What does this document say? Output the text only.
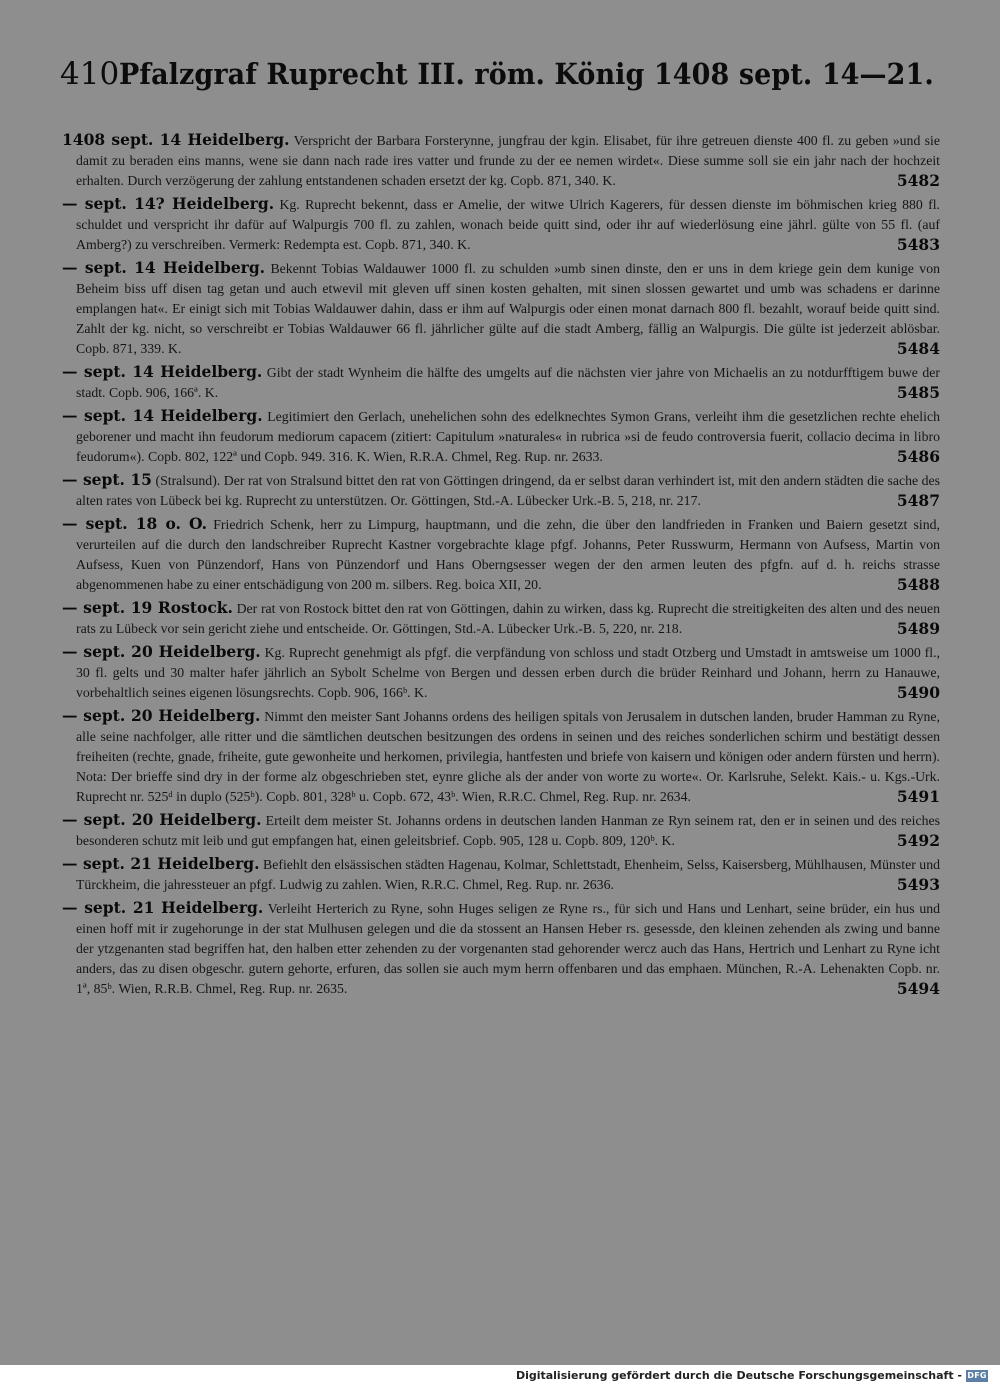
410 Pfalzgraf Ruprecht III. röm. König 1408 sept. 14—21.
1408 sept. 14 Heidelberg. Verspricht der Barbara Forsterynne, jungfrau der kgin. Elisabet, für ihre getreuen dienste 400 fl. zu geben »und sie damit zu beraden eins manns, wene sie dann nach rade ires vatter und frunde zu der ee nemen wirdet«. Diese summe soll sie ein jahr nach der hochzeit erhalten. Durch verzögerung der zahlung entstandenen schaden ersetzt der kg. Copb. 871, 340. K.	5482
— sept. 14? Heidelberg. Kg. Ruprecht bekennt, dass er Amelie, der witwe Ulrich Kagerers, für dessen dienste im böhmischen krieg 880 fl. schuldet und verspricht ihr dafür auf Walpurgis 700 fl. zu zahlen, wonach beide quitt sind, oder ihr auf wiederlösung eine jährl. gülte von 55 fl. (auf Amberg?) zu verschreiben. Vermerk: Redempta est. Copb. 871, 340. K.	5483
— sept. 14 Heidelberg. Bekennt Tobias Waldauwer 1000 fl. zu schulden »umb sinen dinste, den er uns in dem kriege gein dem kunige von Beheim biss uff disen tag getan und auch etwevil mit gleven uff sinen kosten gehalten, mit sinen slossen gewartet und umb was schadens er darinne emplangen hat«. Er einigt sich mit Tobias Waldauwer dahin, dass er ihm auf Walpurgis oder einen monat darnach 800 fl. bezahlt, worauf beide quitt sind. Zahlt der kg. nicht, so verschreibt er Tobias Waldauwer 66 fl. jährlicher gülte auf die stadt Amberg, fällig an Walpurgis. Die gülte ist jederzeit ablösbar. Copb. 871, 339. K.	5484
— sept. 14 Heidelberg. Gibt der stadt Wynheim die hälfte des umgelts auf die nächsten vier jahre von Michaelis an zu notdurfftigem buwe der stadt. Copb. 906, 166ª. K.	5485
— sept. 14 Heidelberg. Legitimiert den Gerlach, unehelichen sohn des edelknechtes Symon Grans, verleiht ihm die gesetzlichen rechte ehelich geborener und macht ihn feudorum mediorum capacem (zitiert: Capitulum »naturales« in rubrica »si de feudo controversia fuerit, collacio decima in libro feudorum«). Copb. 802, 122ª und Copb. 949. 316. K. Wien, R.R.A. Chmel, Reg. Rup. nr. 2633.	5486
— sept. 15 (Stralsund). Der rat von Stralsund bittet den rat von Göttingen dringend, da er selbst daran verhindert ist, mit den andern städten die sache des alten rates von Lübeck bei kg. Ruprecht zu unterstützen. Or. Göttingen, Std.-A. Lübecker Urk.-B. 5, 218, nr. 217.	5487
— sept. 18 o. O. Friedrich Schenk, herr zu Limpurg, hauptmann, und die zehn, die über den landfrieden in Franken und Baiern gesetzt sind, verurteilen auf die durch den landschreiber Ruprecht Kastner vorgebrachte klage pfgf. Johanns, Peter Russwurm, Hermann von Aufsess, Martin von Aufsess, Kuen von Pünzendorf, Hans von Pünzendorf und Hans Oberngsesser wegen der den armen leuten des pfgfn. auf d. h. reichs strasse abgenommenen habe zu einer entschädigung von 200 m. silbers. Reg. boica XII, 20.	5488
— sept. 19 Rostock. Der rat von Rostock bittet den rat von Göttingen, dahin zu wirken, dass kg. Ruprecht die streitigkeiten des alten und des neuen rats zu Lübeck vor sein gericht ziehe und entscheide. Or. Göttingen, Std.-A. Lübecker Urk.-B. 5, 220, nr. 218.	5489
— sept. 20 Heidelberg. Kg. Ruprecht genehmigt als pfgf. die verpfändung von schloss und stadt Otzberg und Umstadt in amtsweise um 1000 fl., 30 fl. gelts und 30 malter hafer jährlich an Sybolt Schelme von Bergen und dessen erben durch die brüder Reinhard und Johann, herrn zu Hanauwe, vorbehaltlich seines eigenen lösungsrechts. Copb. 906, 166ᵇ. K.	5490
— sept. 20 Heidelberg. Nimmt den meister Sant Johanns ordens des heiligen spitals von Jerusalem in dutschen landen, bruder Hamman zu Ryne, alle seine nachfolger, alle ritter und die sämtlichen deutschen besitzungen des ordens in seinen und des reiches sonderlichen schirm und bestätigt dessen freiheiten (rechte, gnade, friheite, gute gewonheite und herkomen, privilegia, hantfesten und briefe von kaisern und königen oder andern fürsten und herrn). Nota: Der brieffe sind dry in der forme alz obgeschrieben stet, eynre gliche als der ander von worte zu worte«. Or. Karlsruhe, Selekt. Kais.- u. Kgs.-Urk. Ruprecht nr. 525ᵈ in duplo (525ᵇ). Copb. 801, 328ᵇ u. Copb. 672, 43ᵇ. Wien, R.R.C. Chmel, Reg. Rup. nr. 2634.	5491
— sept. 20 Heidelberg. Erteilt dem meister St. Johanns ordens in deutschen landen Hanman ze Ryn seinem rat, den er in seinen und des reiches besonderen schutz mit leib und gut empfangen hat, einen geleitsbrief. Copb. 905, 128 u. Copb. 809, 120ᵇ. K.	5492
— sept. 21 Heidelberg. Befiehlt den elsässischen städten Hagenau, Kolmar, Schlettstadt, Ehenheim, Selss, Kaisersberg, Mühlhausen, Münster und Türckheim, die jahressteuer an pfgf. Ludwig zu zahlen. Wien, R.R.C. Chmel, Reg. Rup. nr. 2636.	5493
— sept. 21 Heidelberg. Verleiht Herterich zu Ryne, sohn Huges seligen ze Ryne rs., für sich und Hans und Lenhart, seine brüder, ein hus und einen hoff mit ir zugehorunge in der stat Mulhusen gelegen und die da stossent an Hansen Heber rs. gesessde, den kleinen zehenden als zwing und banne der ytzgenanten stad begriffen hat, den halben etter zehenden zu der vorgenanten stad gehorender wercz auch das Hans, Hertrich und Lenhart zu Ryne icht anders, das zu disen obgeschr. gutern gehorte, erfuren, das sollen sie auch mym herrn offenbaren und das emphaen. München, R.-A. Lehenakten Copb. nr. 1ª, 85ᵇ. Wien, R.R.B. Chmel, Reg. Rup. nr. 2635.	5494
Digitalisierung gefördert durch die Deutsche Forschungsgemeinschaft - DFG
